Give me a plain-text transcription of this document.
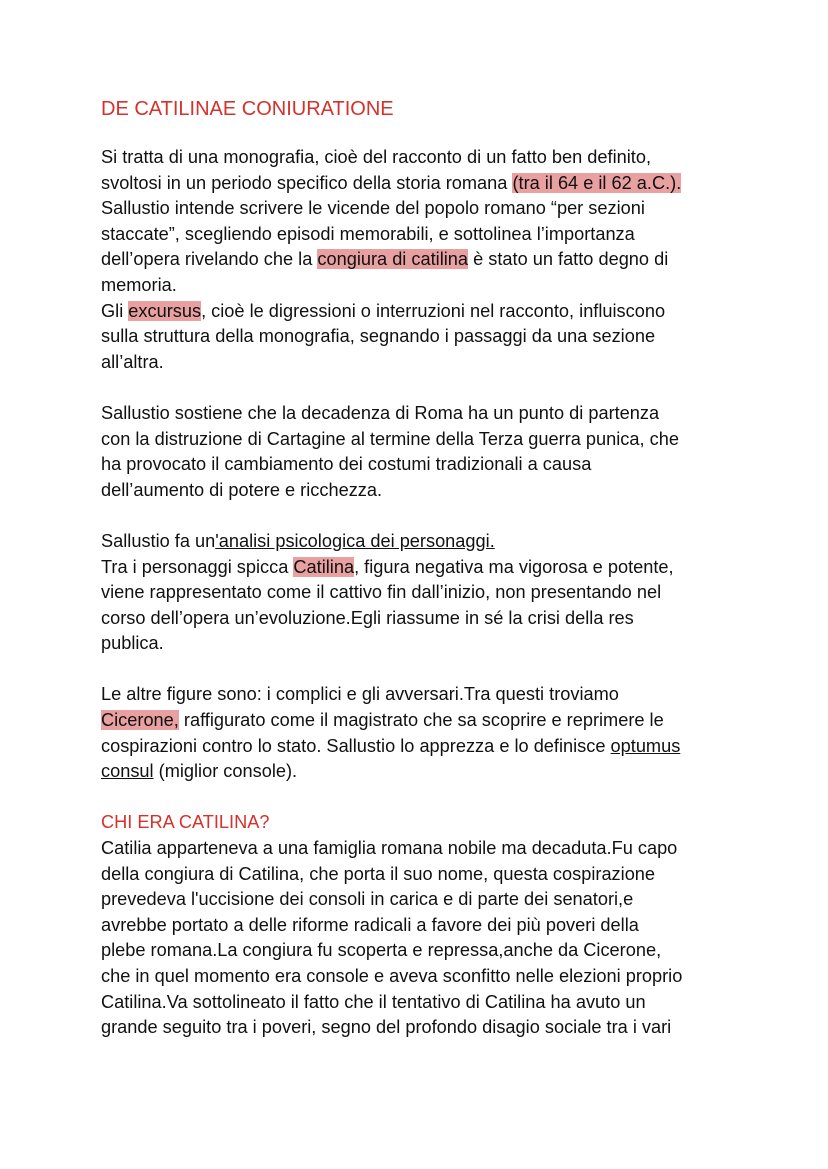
DE CATILINAE CONIURATIONE

Si tratta di una monografia, cioè del racconto di un fatto ben definito,
svoltosi in un periodo specifico della storia romana (tra il 64 e il 62 a.C.).
Sallustio intende scrivere le vicende del popolo romano “per sezioni
staccate”, scegliendo episodi memorabili, e sottolinea l’importanza
dell’opera rivelando che la congiura di catilina è stato un fatto degno di
memoria.

Gli excursus, cioè le digressioni o interruzioni nel racconto, influiscono
sulla struttura della monografia, segnando i passaggi da una sezione
all’altra.

Sallustio sostiene che la decadenza di Roma ha un punto di partenza
con la distruzione di Cartagine al termine della Terza guerra punica, che
ha provocato il cambiamento dei costumi tradizionali a causa
dell’aumento di potere e ricchezza.

Sallustio fa un'analisi psicologica dei personaggi.
Tra i personaggi spicca Catilina, figura negativa ma vigorosa e potente,
viene rappresentato come il cattivo fin dall’inizio, non presentando nel
corso dell’opera un’evoluzione.Egli riassume in sé la crisi della res
publica.

Le altre figure sono: i complici e gli avversari.Tra questi troviamo
Cicerone, raffigurato come il magistrato che sa scoprire e reprimere le
cospirazioni contro lo stato. Sallustio lo apprezza e lo definisce optumus
consul (miglior console).

CHI ERA CATILINA?

Catilia apparteneva a una famiglia romana nobile ma decaduta.Fu capo
della congiura di Catilina, che porta il suo nome, questa cospirazione
prevedeva l'uccisione dei consoli in carica e di parte dei senatori,e
avrebbe portato a delle riforme radicali a favore dei più poveri della
plebe romana.La congiura fu scoperta e repressa,anche da Cicerone,
che in quel momento era console e aveva sconfitto nelle elezioni proprio
Catilina.Va sottolineato il fatto che il tentativo di Catilina ha avuto un
grande seguito tra i poveri, segno del profondo disagio sociale tra i vari
